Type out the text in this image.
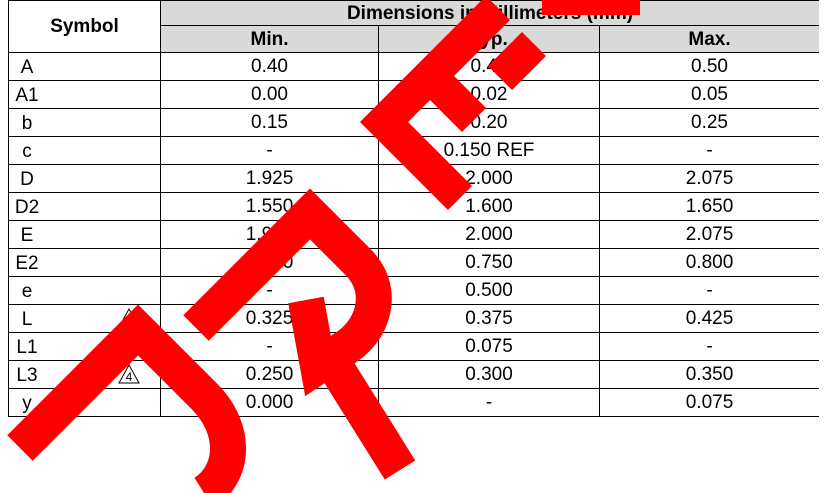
Symbol	Dimensions in Millimeters (mm)		
	Min.	Typ.	Max.

A	0.40	0.45	0.50

A1	0.00	0.02	0.05

b	0.15	0.20	0.25

c	-	0.150 REF	-

D	1.925	2.000	2.075

D2	1.550	1.600	1.650

E	1.925	2.000	2.075

E2	0.700	0.750	0.800

e	-	0.500	-

L 4	0.325	0.375	0.425

L1 4	-	0.075	-

L3 4	0.250	0.300	0.350

y	0.000	-	0.075
